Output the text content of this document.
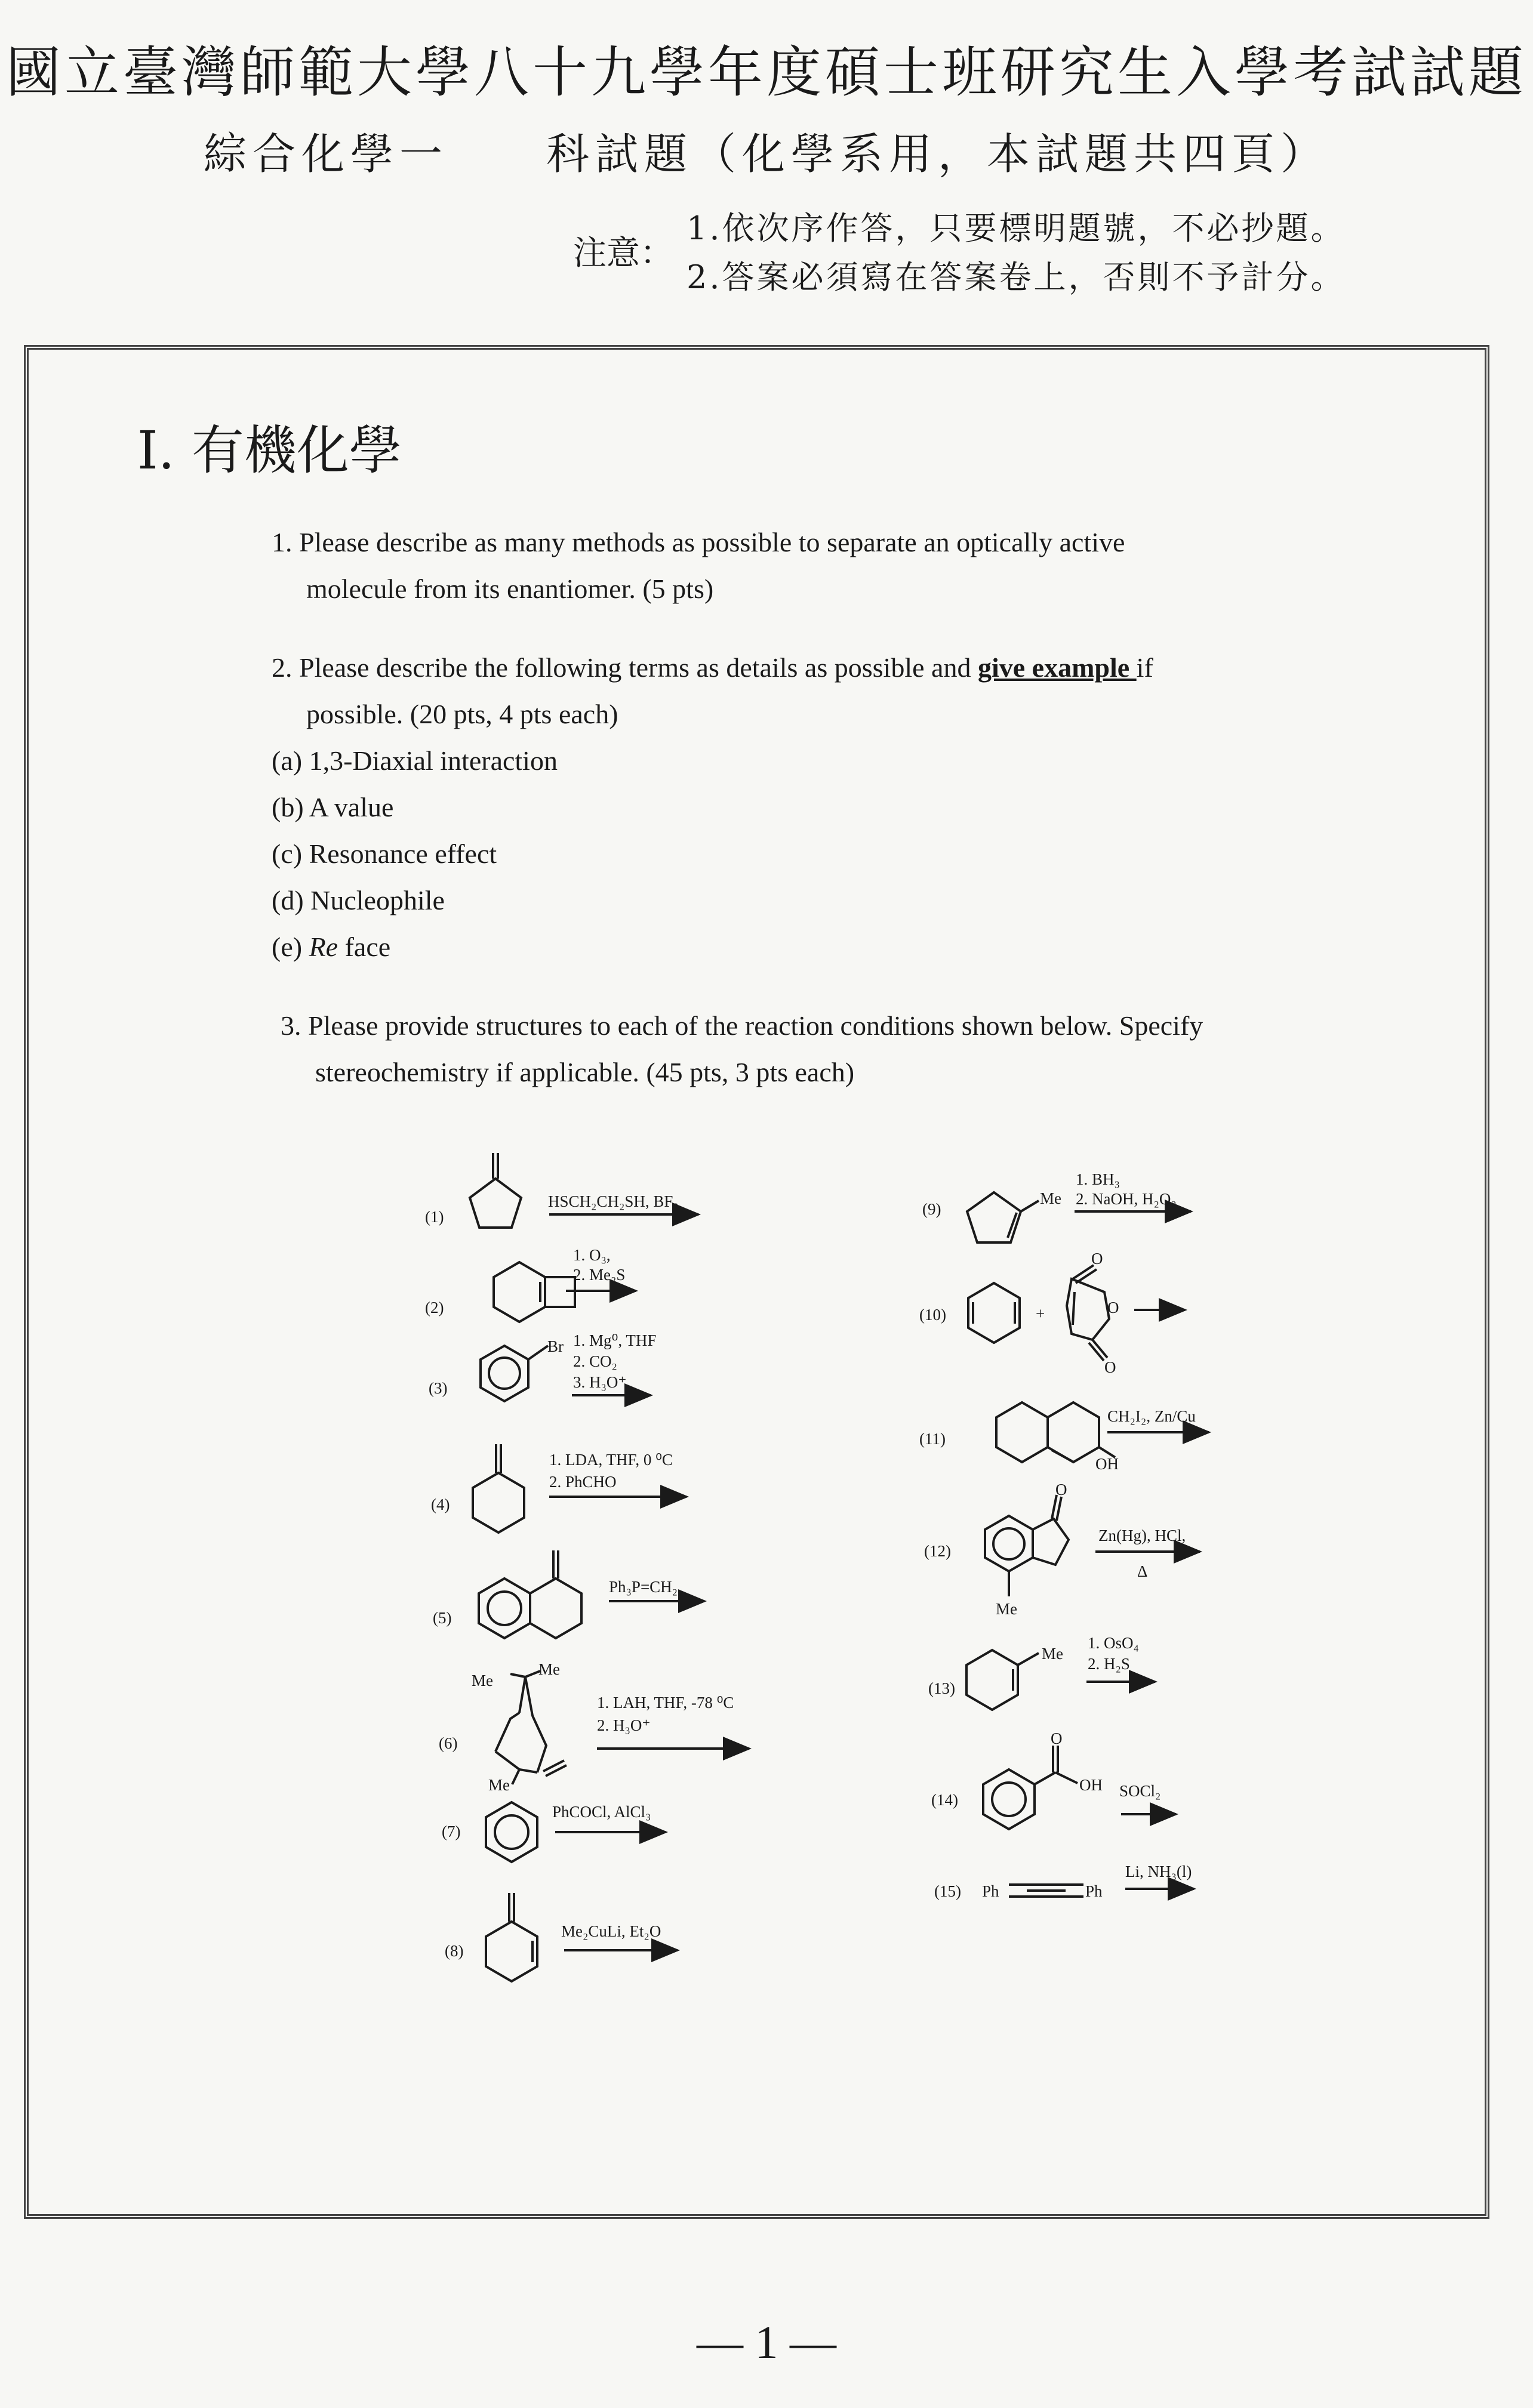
國立臺灣師範大學八十九學年度碩士班研究生入學考試試題
綜合化學一　　科試題（化學系用，本試題共四頁）
注意：
1.依次序作答，只要標明題號，不必抄題。
2.答案必須寫在答案卷上，否則不予計分。
I. 有機化學
1. Please describe as many methods as possible to separate an optically active
molecule from its enantiomer. (5 pts)
2. Please describe the following terms as details as possible and give example if
possible. (20 pts, 4 pts each)
(a) 1,3-Diaxial interaction
(b) A value
(c) Resonance effect
(d) Nucleophile
(e) Re face
3. Please provide structures to each of the reaction conditions shown below. Specify
stereochemistry if applicable. (45 pts, 3 pts each)
(1)
HSCH₂CH₂SH, BF₃
(2)
1. O₃,
2. Me₂S
(3)
Br 1. Mg⁰, THF
2. CO₂
3. H₃O⁺
(4)
1. LDA, THF, 0 ⁰C
2. PhCHO
(5)
Ph₃P=CH₂
(6)
Me
Me
Me
1. LAH, THF, -78 ⁰C
2. H₃O⁺
(7)
PhCOCl, AlCl₃
(8)
Me₂CuLi, Et₂O
(9)
Me
1. BH₃
2. NaOH, H₂O₂
(10)	+	O
O
O
(11)
OH
CH₂I₂, Zn/Cu
(12)
O
Me
Zn(Hg), HCl,
Δ
(13)
Me
1. OsO₄
2. H₂S
(14)
O
OH SOCl₂
(15) Ph	Ph
Li, NH₃(l)
— 1 —
